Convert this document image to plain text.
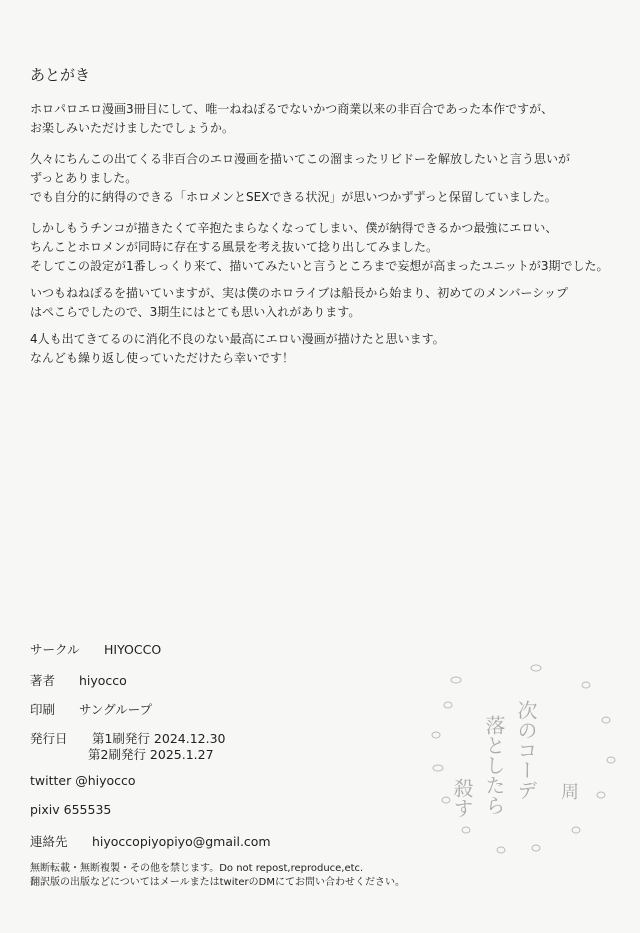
あとがき
ホロパロエロ漫画3冊目にして、唯一ねねぽるでないかつ商業以来の非百合であった本作ですが、
お楽しみいただけましたでしょうか。
久々にちんこの出てくる非百合のエロ漫画を描いてこの溜まったリビドーを解放したいと言う思いが
ずっとありました。
でも自分的に納得のできる「ホロメンとSEXできる状況」が思いつかずずっと保留していました。
しかしもうチンコが描きたくて辛抱たまらなくなってしまい、僕が納得できるかつ最強にエロい、
ちんことホロメンが同時に存在する風景を考え抜いて捻り出してみました。
そしてこの設定が1番しっくり来て、描いてみたいと言うところまで妄想が高まったユニットが3期でした。
いつもねねぽるを描いていますが、実は僕のホロライブは船長から始まり、初めてのメンバーシップ
はぺこらでしたので、3期生にはとても思い入れがあります。
4人も出てきてるのに消化不良のない最高にエロい漫画が描けたと思います。
なんども繰り返し使っていただけたら幸いです！
サークル HIYOCCO
著者 hiyocco
印刷 サングループ
発行日 第1刷発行 2024.12.30
第2刷発行 2025.1.27
twitter @hiyocco
pixiv 655535
連絡先 hiyoccopiyopiyo@gmail.com
無断転載・無断複製・その他を禁じます。Do not repost,reproduce,etc.
翻訳版の出版などについてはメールまたはtwiterのDMにてお問い合わせください。
次のコーデ
落としたら
殺す	周
